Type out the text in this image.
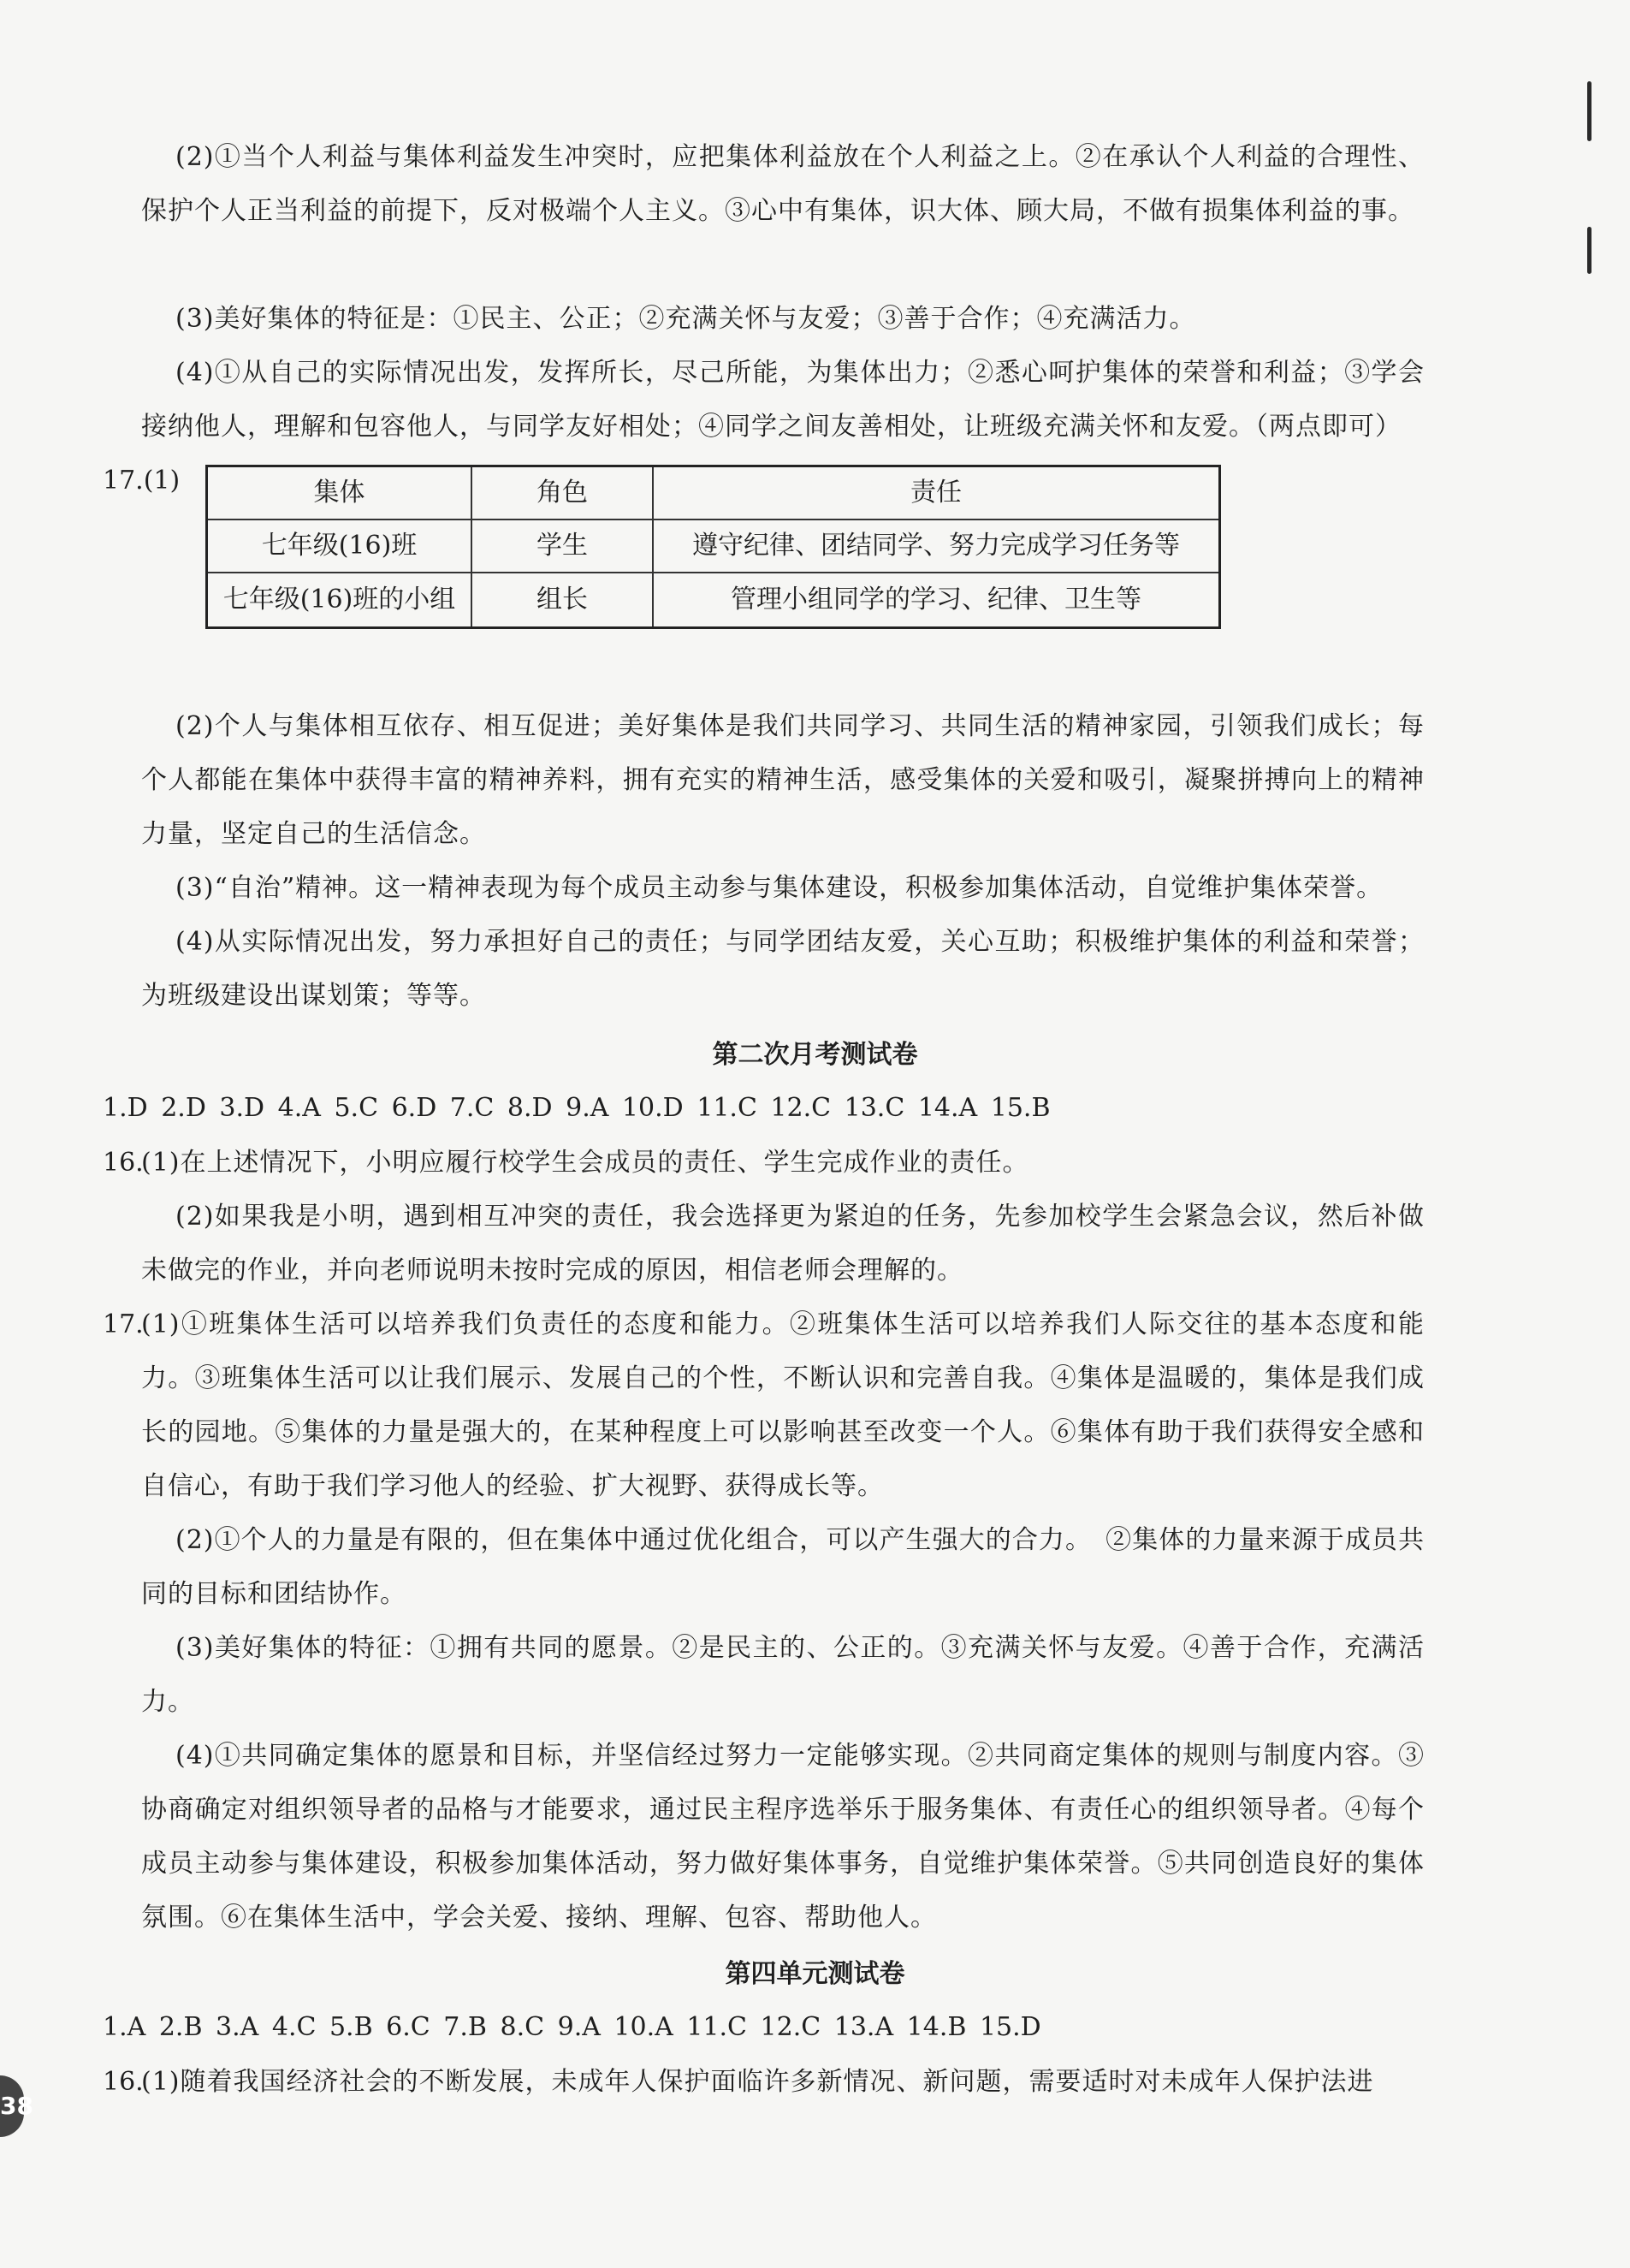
(2)①当个人利益与集体利益发生冲突时，应把集体利益放在个人利益之上。②在承认个人利益的合理性、保护个人正当利益的前提下，反对极端个人主义。③心中有集体，识大体、顾大局，不做有损集体利益的事。

(3)美好集体的特征是：①民主、公正；②充满关怀与友爱；③善于合作；④充满活力。

(4)①从自己的实际情况出发，发挥所长，尽己所能，为集体出力；②悉心呵护集体的荣誉和利益；③学会接纳他人，理解和包容他人，与同学友好相处；④同学之间友善相处，让班级充满关怀和友爱。（两点即可）

17.(1)	集体	角色	责任
七年级(16)班	学生	遵守纪律、团结同学、努力完成学习任务等
七年级(16)班的小组	组长	管理小组同学的学习、纪律、卫生等

(2)个人与集体相互依存、相互促进；美好集体是我们共同学习、共同生活的精神家园，引领我们成长；每个人都能在集体中获得丰富的精神养料，拥有充实的精神生活，感受集体的关爱和吸引，凝聚拼搏向上的精神力量，坚定自己的生活信念。

(3)“自治”精神。这一精神表现为每个成员主动参与集体建设，积极参加集体活动，自觉维护集体荣誉。

(4)从实际情况出发，努力承担好自己的责任；与同学团结友爱，关心互助；积极维护集体的利益和荣誉；为班级建设出谋划策；等等。

第二次月考测试卷
1.D 2.D 3.D 4.A 5.C 6.D 7.C 8.D 9.A 10.D 11.C 12.C 13.C 14.A 15.B
16.

(1)在上述情况下，小明应履行校学生会成员的责任、学生完成作业的责任。

(2)如果我是小明，遇到相互冲突的责任，我会选择更为紧迫的任务，先参加校学生会紧急会议，然后补做未做完的作业，并向老师说明未按时完成的原因，相信老师会理解的。

17.

(1)①班集体生活可以培养我们负责任的态度和能力。②班集体生活可以培养我们人际交往的基本态度和能力。③班集体生活可以让我们展示、发展自己的个性，不断认识和完善自我。④集体是温暖的，集体是我们成长的园地。⑤集体的力量是强大的，在某种程度上可以影响甚至改变一个人。⑥集体有助于我们获得安全感和自信心，有助于我们学习他人的经验、扩大视野、获得成长等。

(2)①个人的力量是有限的，但在集体中通过优化组合，可以产生强大的合力。　②集体的力量来源于成员共同的目标和团结协作。

(3)美好集体的特征：①拥有共同的愿景。②是民主的、公正的。③充满关怀与友爱。④善于合作，充满活力。

(4)①共同确定集体的愿景和目标，并坚信经过努力一定能够实现。②共同商定集体的规则与制度内容。③协商确定对组织领导者的品格与才能要求，通过民主程序选举乐于服务集体、有责任心的组织领导者。④每个成员主动参与集体建设，积极参加集体活动，努力做好集体事务，自觉维护集体荣誉。⑤共同创造良好的集体氛围。⑥在集体生活中，学会关爱、接纳、理解、包容、帮助他人。

第四单元测试卷
1.A 2.B 3.A 4.C 5.B 6.C 7.B 8.C 9.A 10.A 11.C 12.C 13.A 14.B 15.D
16.

(1)随着我国经济社会的不断发展，未成年人保护面临许多新情况、新问题，需要适时对未成年人保护法进

38
